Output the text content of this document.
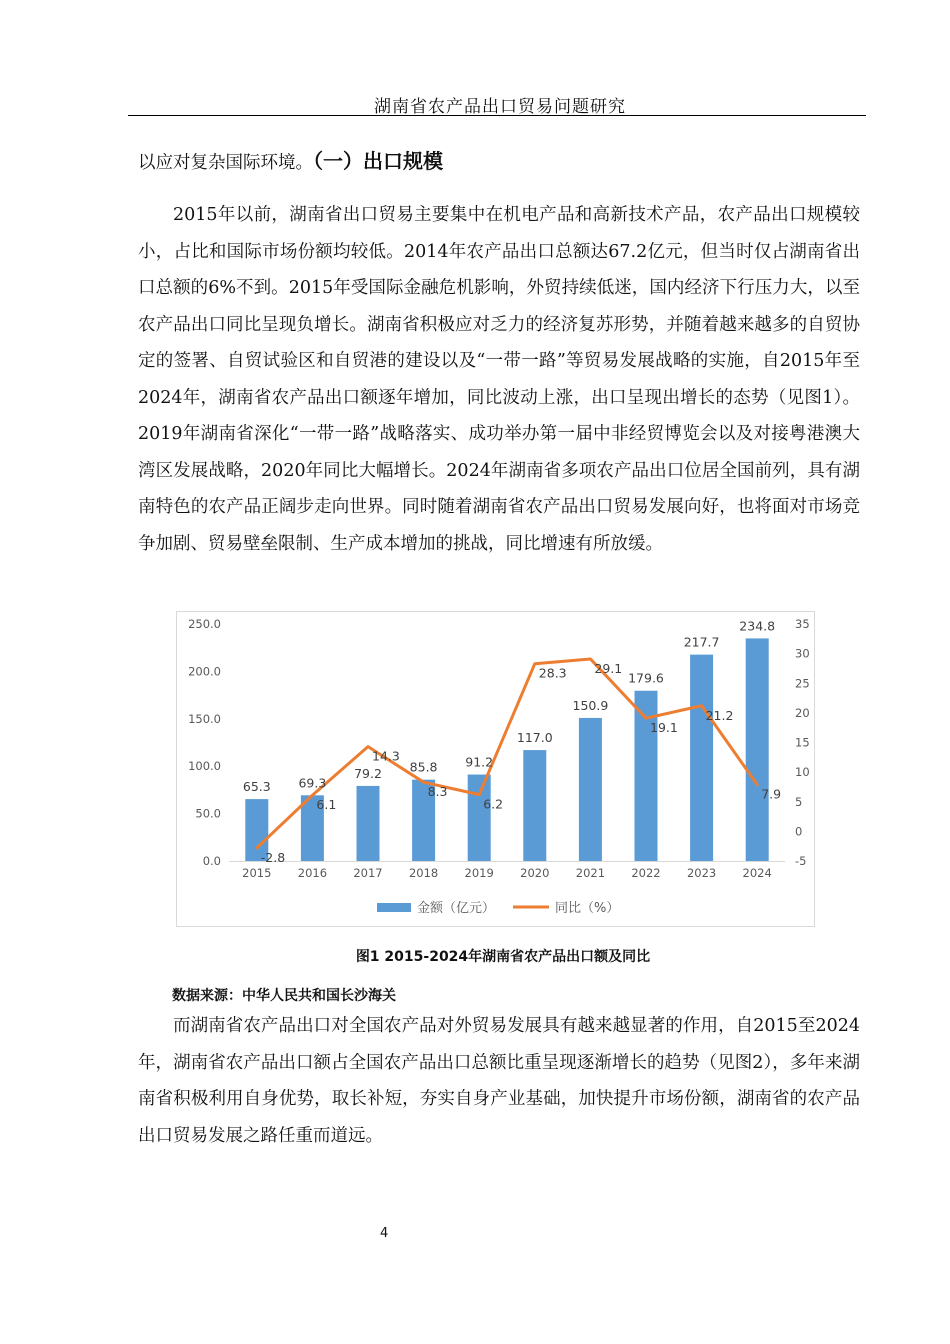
湖南省农产品出口贸易问题研究
以应对复杂国际环境。（一）出口规模
2015年以前，湖南省出口贸易主要集中在机电产品和高新技术产品，农产品出口规模较小，占比和国际市场份额均较低。2014年农产品出口总额达67.2亿元，但当时仅占湖南省出口总额的6%不到。2015年受国际金融危机影响，外贸持续低迷，国内经济下行压力大，以至农产品出口同比呈现负增长。湖南省积极应对乏力的经济复苏形势，并随着越来越多的自贸协定的签署、自贸试验区和自贸港的建设以及“一带一路”等贸易发展战略的实施，自2015年至2024年，湖南省农产品出口额逐年增加，同比波动上涨，出口呈现出增长的态势（见图1）。2019年湖南省深化“一带一路”战略落实、成功举办第一届中非经贸博览会以及对接粤港澳大湾区发展战略，2020年同比大幅增长。2024年湖南省多项农产品出口位居全国前列，具有湖南特色的农产品正阔步走向世界。同时随着湖南省农产品出口贸易发展向好，也将面对市场竞争加剧、贸易壁垒限制、生产成本增加的挑战，同比增速有所放缓。
0.0
50.0
100.0
150.0
200.0
250.0
-5
0
5
10
15
20
25
30
35
2015 2016 2017 2018 2019 2020 2021 2022 2023 2024
65.3 69.3
79.2 85.8 91.2
117.0
150.9
179.6
217.7
234.8
-2.8
6.1
14.3
8.3
6.2
28.3 29.1
19.1
21.2
7.9
金额（亿元）	同比（%）
图1 2015-2024年湖南省农产品出口额及同比
数据来源：中华人民共和国长沙海关
而湖南省农产品出口对全国农产品对外贸易发展具有越来越显著的作用，自2015至2024年，湖南省农产品出口额占全国农产品出口总额比重呈现逐渐增长的趋势（见图2），多年来湖南省积极利用自身优势，取长补短，夯实自身产业基础，加快提升市场份额，湖南省的农产品出口贸易发展之路任重而道远。
4
